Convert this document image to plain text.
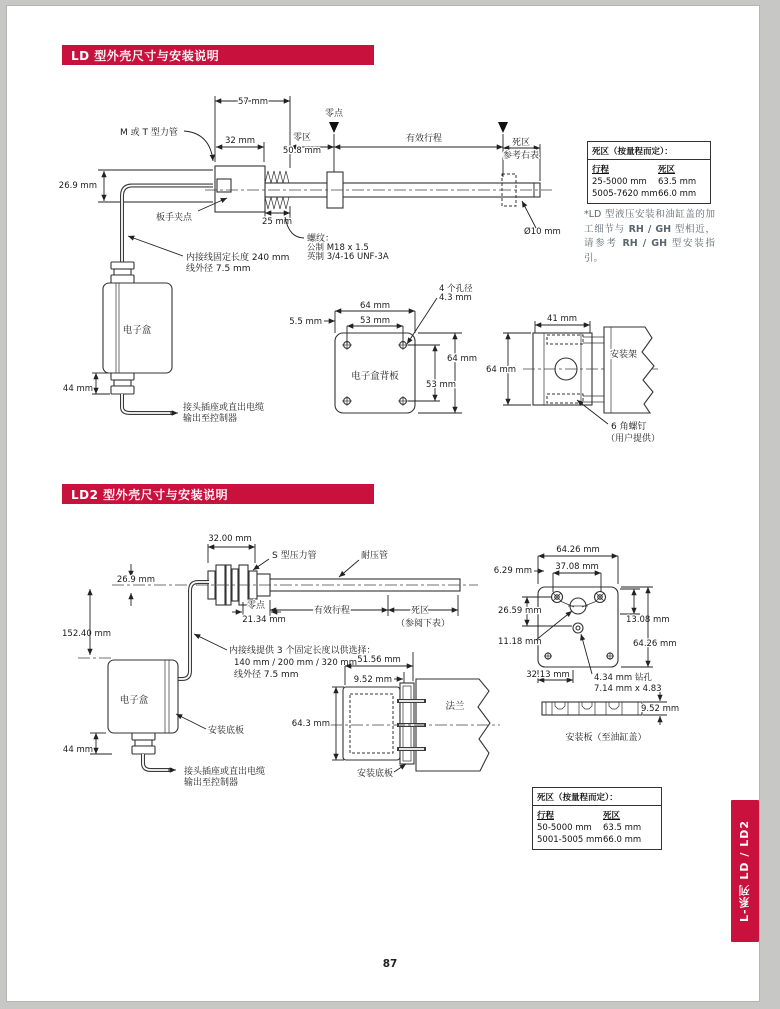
LD 型外壳尺寸与安装说明
LD2 型外壳尺寸与安装说明
57 mm
32 mm	零区
50.8 mm
零点
有效行程	死区
参考右表
26.9 mm
M 或 T 型力管
板手夹点	25 mm
螺纹：
公制 M18 x 1.5
英制 3/4-16 UNF-3A
Ø10 mm
电子盒
内接线固定长度 240 mm
线外径 7.5 mm
44 mm
接头插座或直出电缆
输出至控制器
电子盒背板
64 mm
53 mm
5.5 mm
4 个孔径
4.3 mm
64 mm
53 mm
41 mm
64 mm
安装架
6 角螺钉
（用户提供）
32.00 mm
26.9 mm
S 型压力管	耐压管
零点
21.34 mm
有效行程	死区
（参阅下表）
152.40 mm
电子盒
内接线提供 3 个固定长度以供选择：
140 mm / 200 mm / 320 mm
线外径 7.5 mm
安装底板
44 mm
接头插座或直出电缆
输出至控制器
51.56 mm
9.52 mm
64.3 mm
法兰
安装底板
64.26 mm
6.29 mm	37.08 mm
26.59 mm
11.18 mm
13.08 mm
64.26 mm
32.13 mm	4.34 mm 钻孔
7.14 mm x 4.83
9.52 mm
安装板（至油缸盖）
死区（按量程而定）：
行程	死区
25-5000 mm	63.5 mm
5005-7620 mm 66.0 mm
*LD 型液压安装和油缸盖的加工细节与 RH / GH 型相近，请参考 RH / GH 型安装指引。
死区（按量程而定）：
行程	死区
50-5000 mm	63.5 mm
5001-5005 mm 66.0 mm	L-系列 LD / LD2
87
